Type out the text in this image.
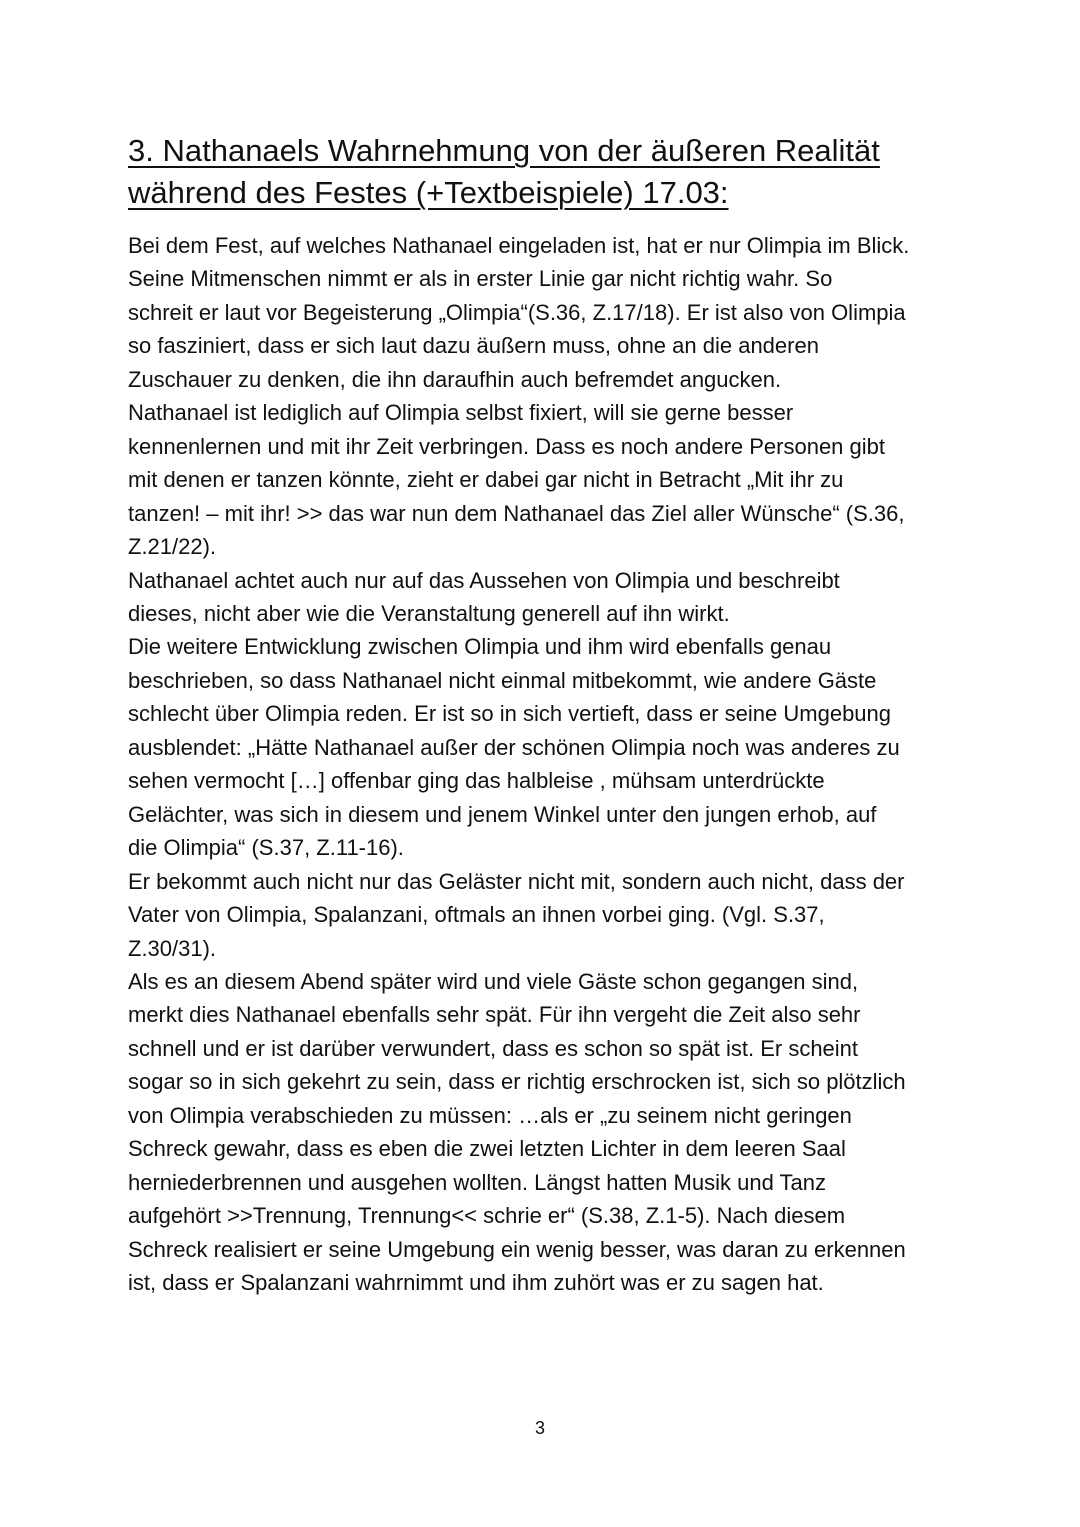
3. Nathanaels Wahrnehmung von der äußeren Realität
während des Festes (+Textbeispiele) 17.03:
Bei dem Fest, auf welches Nathanael eingeladen ist, hat er nur Olimpia im Blick.
Seine Mitmenschen nimmt er als in erster Linie gar nicht richtig wahr. So
schreit er laut vor Begeisterung „Olimpia“(S.36, Z.17/18). Er ist also von Olimpia
so fasziniert, dass er sich laut dazu äußern muss, ohne an die anderen
Zuschauer zu denken, die ihn daraufhin auch befremdet angucken.
Nathanael ist lediglich auf Olimpia selbst fixiert, will sie gerne besser
kennenlernen und mit ihr Zeit verbringen. Dass es noch andere Personen gibt
mit denen er tanzen könnte, zieht er dabei gar nicht in Betracht „Mit ihr zu
tanzen! – mit ihr! >> das war nun dem Nathanael das Ziel aller Wünsche“ (S.36,
Z.21/22).
Nathanael achtet auch nur auf das Aussehen von Olimpia und beschreibt
dieses, nicht aber wie die Veranstaltung generell auf ihn wirkt.
Die weitere Entwicklung zwischen Olimpia und ihm wird ebenfalls genau
beschrieben, so dass Nathanael nicht einmal mitbekommt, wie andere Gäste
schlecht über Olimpia reden. Er ist so in sich vertieft, dass er seine Umgebung
ausblendet: „Hätte Nathanael außer der schönen Olimpia noch was anderes zu
sehen vermocht […] offenbar ging das halbleise , mühsam unterdrückte
Gelächter, was sich in diesem und jenem Winkel unter den jungen erhob, auf
die Olimpia“ (S.37, Z.11-16).
Er bekommt auch nicht nur das Geläster nicht mit, sondern auch nicht, dass der
Vater von Olimpia, Spalanzani, oftmals an ihnen vorbei ging. (Vgl. S.37,
Z.30/31).
Als es an diesem Abend später wird und viele Gäste schon gegangen sind,
merkt dies Nathanael ebenfalls sehr spät. Für ihn vergeht die Zeit also sehr
schnell und er ist darüber verwundert, dass es schon so spät ist. Er scheint
sogar so in sich gekehrt zu sein, dass er richtig erschrocken ist, sich so plötzlich
von Olimpia verabschieden zu müssen: …als er „zu seinem nicht geringen
Schreck gewahr, dass es eben die zwei letzten Lichter in dem leeren Saal
herniederbrennen und ausgehen wollten. Längst hatten Musik und Tanz
aufgehört >>Trennung, Trennung<< schrie er“ (S.38, Z.1-5). Nach diesem
Schreck realisiert er seine Umgebung ein wenig besser, was daran zu erkennen
ist, dass er Spalanzani wahrnimmt und ihm zuhört was er zu sagen hat.
3
